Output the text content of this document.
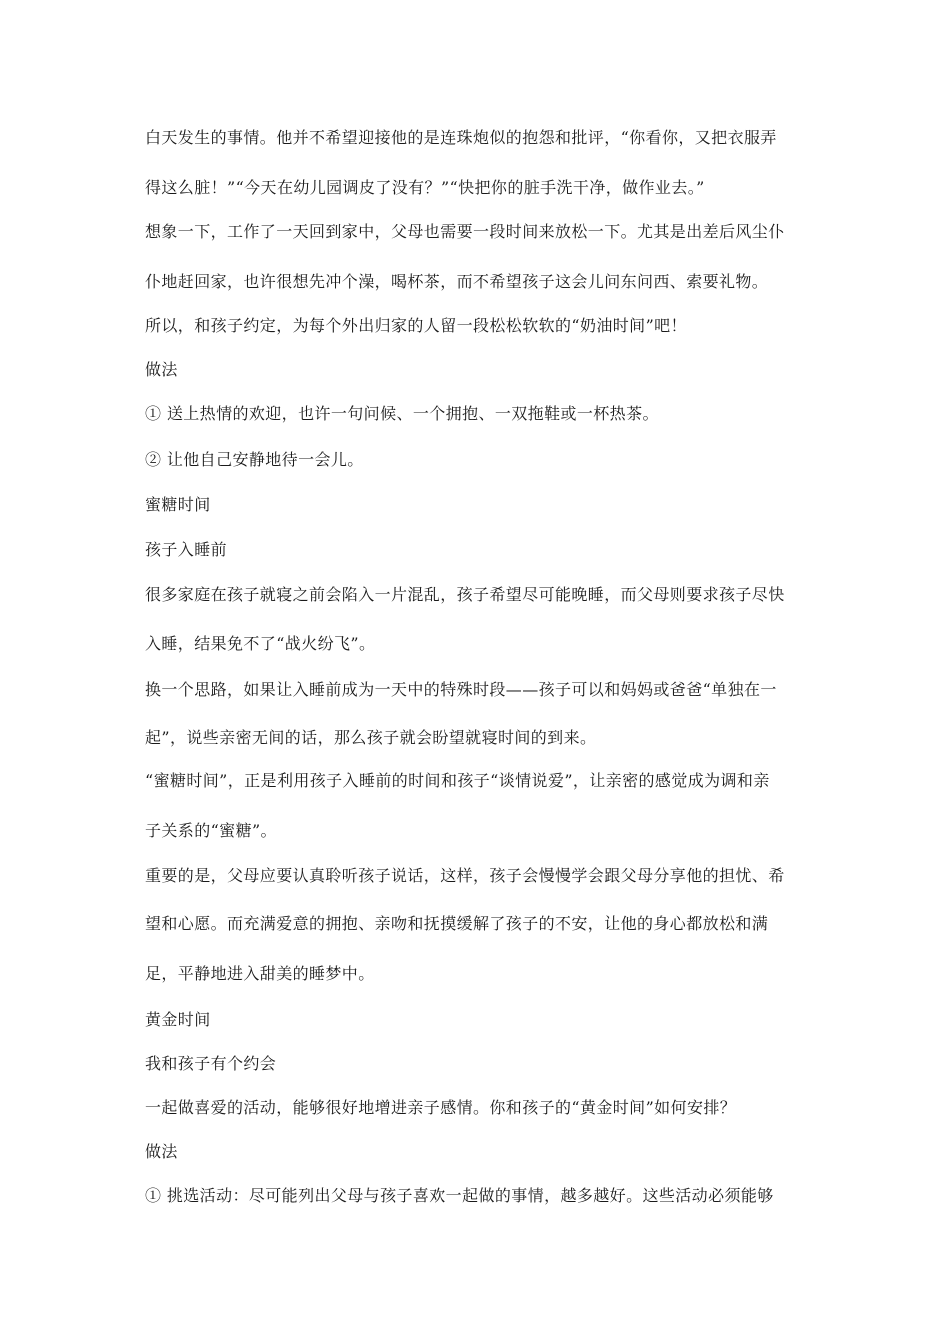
白天发生的事情。他并不希望迎接他的是连珠炮似的抱怨和批评，“你看你，又把衣服弄
得这么脏！”“今天在幼儿园调皮了没有？”“快把你的脏手洗干净，做作业去。”
想象一下，工作了一天回到家中，父母也需要一段时间来放松一下。尤其是出差后风尘仆
仆地赶回家，也许很想先冲个澡，喝杯茶，而不希望孩子这会儿问东问西、索要礼物。
所以，和孩子约定，为每个外出归家的人留一段松松软软的“奶油时间”吧！
做法
① 送上热情的欢迎，也许一句问候、一个拥抱、一双拖鞋或一杯热茶。
② 让他自己安静地待一会儿。
蜜糖时间
孩子入睡前
很多家庭在孩子就寝之前会陷入一片混乱，孩子希望尽可能晚睡，而父母则要求孩子尽快
入睡，结果免不了“战火纷飞”。
换一个思路，如果让入睡前成为一天中的特殊时段——孩子可以和妈妈或爸爸“单独在一
起”，说些亲密无间的话，那么孩子就会盼望就寝时间的到来。
“蜜糖时间”，正是利用孩子入睡前的时间和孩子“谈情说爱”，让亲密的感觉成为调和亲
子关系的“蜜糖”。
重要的是，父母应要认真聆听孩子说话，这样，孩子会慢慢学会跟父母分享他的担忧、希
望和心愿。而充满爱意的拥抱、亲吻和抚摸缓解了孩子的不安，让他的身心都放松和满
足，平静地进入甜美的睡梦中。
黄金时间
我和孩子有个约会
一起做喜爱的活动，能够很好地增进亲子感情。你和孩子的“黄金时间”如何安排？
做法
① 挑选活动：尽可能列出父母与孩子喜欢一起做的事情，越多越好。这些活动必须能够
